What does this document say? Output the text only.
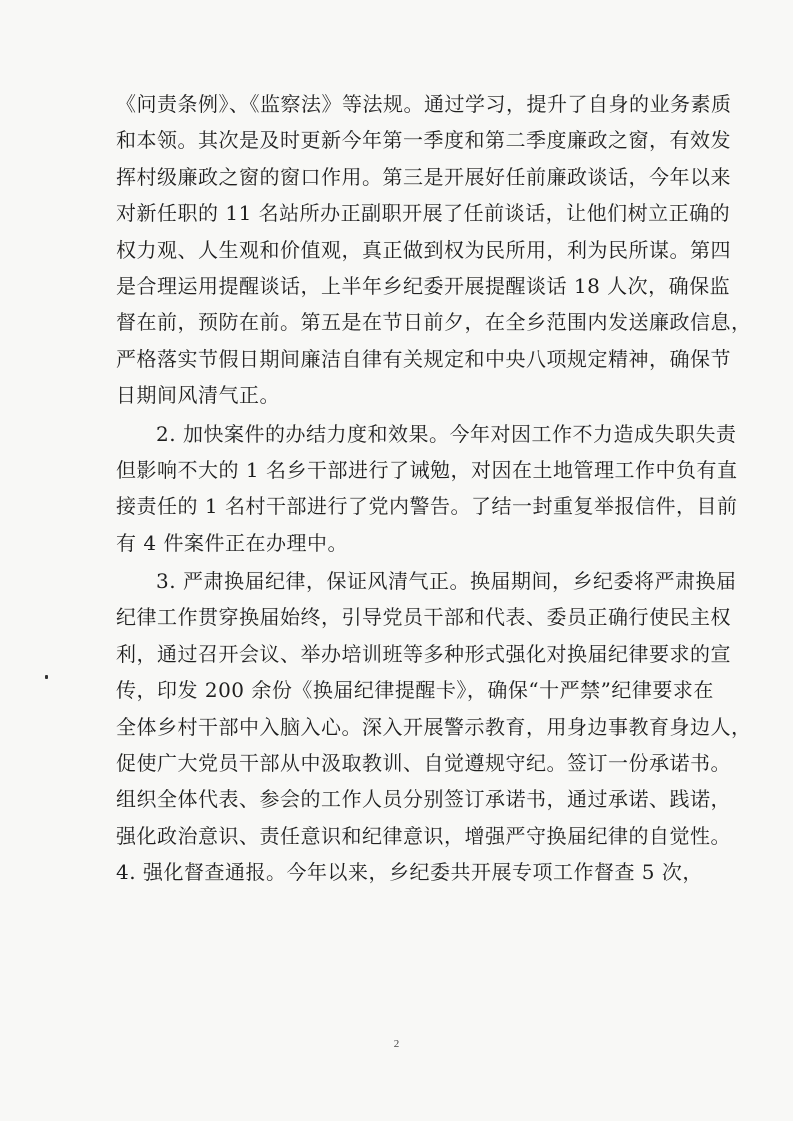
《问责条例》、《监察法》等法规。通过学习，提升了自身的业务素质
和本领。其次是及时更新今年第一季度和第二季度廉政之窗，有效发
挥村级廉政之窗的窗口作用。第三是开展好任前廉政谈话，今年以来
对新任职的 11 名站所办正副职开展了任前谈话，让他们树立正确的
权力观、人生观和价值观，真正做到权为民所用，利为民所谋。第四
是合理运用提醒谈话，上半年乡纪委开展提醒谈话 18 人次，确保监
督在前，预防在前。第五是在节日前夕，在全乡范围内发送廉政信息，
严格落实节假日期间廉洁自律有关规定和中央八项规定精神，确保节
日期间风清气正。
2. 加快案件的办结力度和效果。今年对因工作不力造成失职失责
但影响不大的 1 名乡干部进行了诫勉，对因在土地管理工作中负有直
接责任的 1 名村干部进行了党内警告。了结一封重复举报信件，目前
有 4 件案件正在办理中。
3. 严肃换届纪律，保证风清气正。换届期间，乡纪委将严肃换届
纪律工作贯穿换届始终，引导党员干部和代表、委员正确行使民主权
利，通过召开会议、举办培训班等多种形式强化对换届纪律要求的宣
传，印发 200 余份《换届纪律提醒卡》，确保“十严禁”纪律要求在
全体乡村干部中入脑入心。深入开展警示教育，用身边事教育身边人，
促使广大党员干部从中汲取教训、自觉遵规守纪。签订一份承诺书。
组织全体代表、参会的工作人员分别签订承诺书，通过承诺、践诺，
强化政治意识、责任意识和纪律意识，增强严守换届纪律的自觉性。
4. 强化督查通报。今年以来，乡纪委共开展专项工作督查 5 次，
2
